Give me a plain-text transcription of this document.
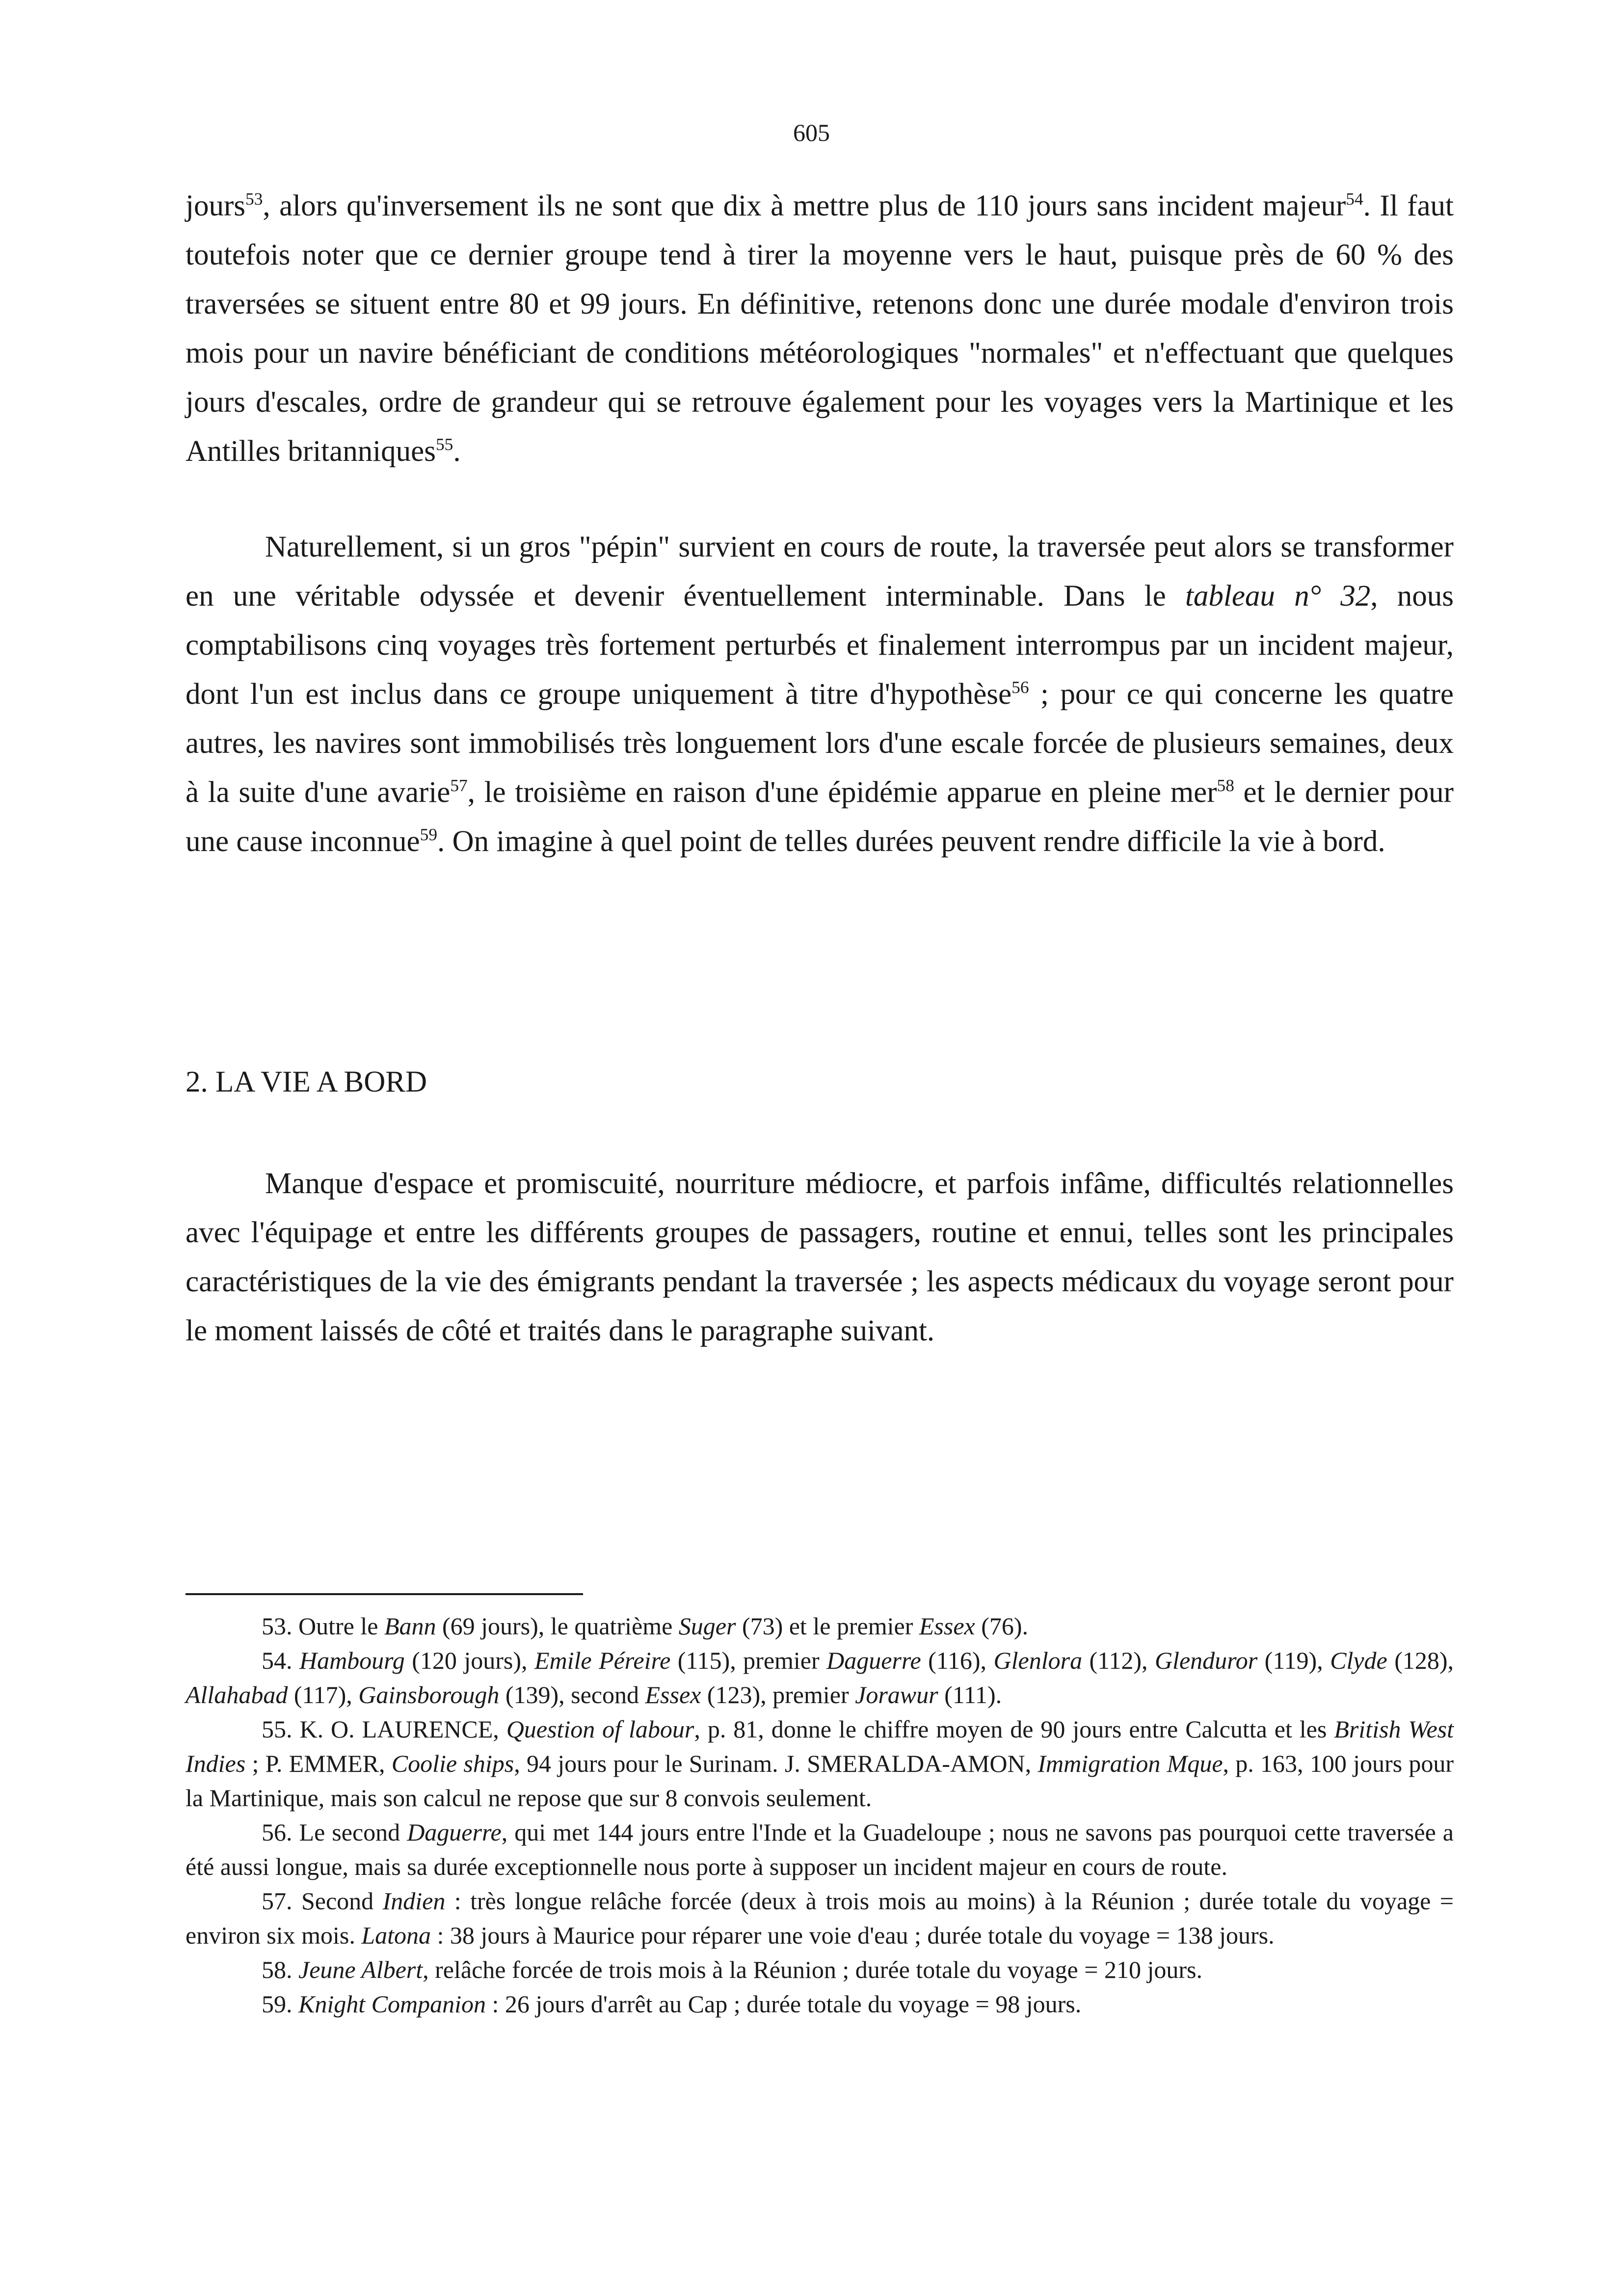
605

jours$^{53}$, alors qu'inversement ils ne sont que dix à mettre plus de 110 jours sans incident majeur$^{54}$. Il faut toutefois noter que ce dernier groupe tend à tirer la moyenne vers le haut, puisque près de 60 % des traversées se situent entre 80 et 99 jours. En définitive, retenons donc une durée modale d'environ trois mois pour un navire bénéficiant de conditions météorologiques "normales" et n'effectuant que quelques jours d'escales, ordre de grandeur qui se retrouve également pour les voyages vers la Martinique et les Antilles britanniques$^{55}$.

Naturellement, si un gros "pépin" survient en cours de route, la traversée peut alors se transformer en une véritable odyssée et devenir éventuellement interminable. Dans le tableau n° 32, nous comptabilisons cinq voyages très fortement perturbés et finalement interrompus par un incident majeur, dont l'un est inclus dans ce groupe uniquement à titre d'hypothèse$^{56}$ ; pour ce qui concerne les quatre autres, les navires sont immobilisés très longuement lors d'une escale forcée de plusieurs semaines, deux à la suite d'une avarie$^{57}$, le troisième en raison d'une épidémie apparue en pleine mer$^{58}$ et le dernier pour une cause inconnue$^{59}$. On imagine à quel point de telles durées peuvent rendre difficile la vie à bord.

2. LA VIE A BORD

Manque d'espace et promiscuité, nourriture médiocre, et parfois infâme, difficultés relationnelles avec l'équipage et entre les différents groupes de passagers, routine et ennui, telles sont les principales caractéristiques de la vie des émigrants pendant la traversée ; les aspects médicaux du voyage seront pour le moment laissés de côté et traités dans le paragraphe suivant.

53. Outre le Bann (69 jours), le quatrième Suger (73) et le premier Essex (76).

54. Hambourg (120 jours), Emile Péreire (115), premier Daguerre (116), Glenlora (112), Glenduror (119), Clyde (128), Allahabad (117), Gainsborough (139), second Essex (123), premier Jorawur (111).

55. K. O. LAURENCE, Question of labour, p. 81, donne le chiffre moyen de 90 jours entre Calcutta et les British West Indies ; P. EMMER, Coolie ships, 94 jours pour le Surinam. J. SMERALDA-AMON, Immigration Mque, p. 163, 100 jours pour la Martinique, mais son calcul ne repose que sur 8 convois seulement.

56. Le second Daguerre, qui met 144 jours entre l'Inde et la Guadeloupe ; nous ne savons pas pourquoi cette traversée a été aussi longue, mais sa durée exceptionnelle nous porte à supposer un incident majeur en cours de route.

57. Second Indien : très longue relâche forcée (deux à trois mois au moins) à la Réunion ; durée totale du voyage = environ six mois. Latona : 38 jours à Maurice pour réparer une voie d'eau ; durée totale du voyage = 138 jours.

58. Jeune Albert, relâche forcée de trois mois à la Réunion ; durée totale du voyage = 210 jours.

59. Knight Companion : 26 jours d'arrêt au Cap ; durée totale du voyage = 98 jours.
